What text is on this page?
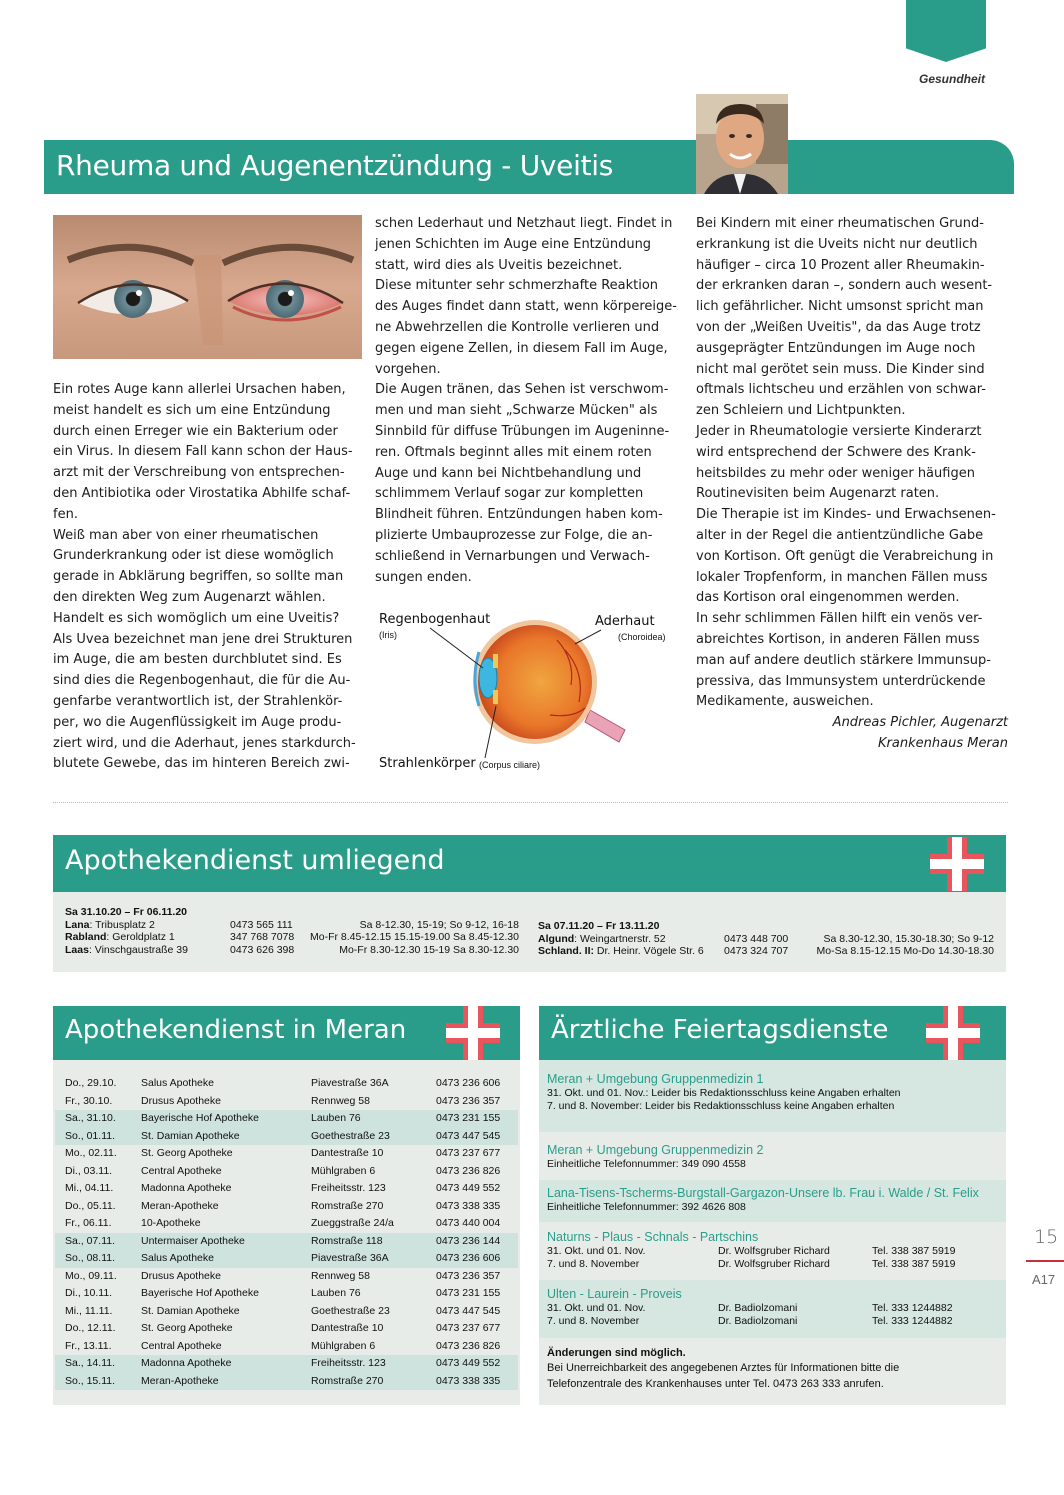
Gesundheit
Rheuma und Augenentzündung - Uveitis

Ein rotes Auge kann allerlei Ursachen haben,
meist handelt es sich um eine Entzündung
durch einen Erreger wie ein Bakterium oder
ein Virus. In diesem Fall kann schon der Haus-
arzt mit der Verschreibung von entsprechen-
den Antibiotika oder Virostatika Abhilfe schaf-
fen.
Weiß man aber von einer rheumatischen
Grunderkrankung oder ist diese womöglich
gerade in Abklärung begriffen, so sollte man
den direkten Weg zum Augenarzt wählen.
Handelt es sich womöglich um eine Uveitis?
Als Uvea bezeichnet man jene drei Strukturen
im Auge, die am besten durchblutet sind. Es
sind dies die Regenbogenhaut, die für die Au-
genfarbe verantwortlich ist, der Strahlenkör-
per, wo die Augenflüssigkeit im Auge produ-
ziert wird, und die Aderhaut, jenes starkdurch-
blutete Gewebe, das im hinteren Bereich zwi-

schen Lederhaut und Netzhaut liegt. Findet in
jenen Schichten im Auge eine Entzündung
statt, wird dies als Uveitis bezeichnet.
Diese mitunter sehr schmerzhafte Reaktion
des Auges findet dann statt, wenn körpereige-
ne Abwehrzellen die Kontrolle verlieren und
gegen eigene Zellen, in diesem Fall im Auge,
vorgehen.
Die Augen tränen, das Sehen ist verschwom-
men und man sieht „Schwarze Mücken" als
Sinnbild für diffuse Trübungen im Augeninne-
ren. Oftmals beginnt alles mit einem roten
Auge und kann bei Nichtbehandlung und
schlimmem Verlauf sogar zur kompletten
Blindheit führen. Entzündungen haben kom-
plizierte Umbauprozesse zur Folge, die an-
schließend in Vernarbungen und Verwach-
sungen enden.

Bei Kindern mit einer rheumatischen Grund-
erkrankung ist die Uveits nicht nur deutlich
häufiger – circa 10 Prozent aller Rheumakin-
der erkranken daran –, sondern auch wesent-
lich gefährlicher. Nicht umsonst spricht man
von der „Weißen Uveitis", da das Auge trotz
ausgeprägter Entzündungen im Auge noch
nicht mal gerötet sein muss. Die Kinder sind
oftmals lichtscheu und erzählen von schwar-
zen Schleiern und Lichtpunkten.
Jeder in Rheumatologie versierte Kinderarzt
wird entsprechend der Schwere des Krank-
heitsbildes zu mehr oder weniger häufigen
Routinevisiten beim Augenarzt raten.
Die Therapie ist im Kindes- und Erwachsenen-
alter in der Regel die antientzündliche Gabe
von Kortison. Oft genügt die Verabreichung in
lokaler Tropfenform, in manchen Fällen muss
das Kortison oral eingenommen werden.
In sehr schlimmen Fällen hilft ein venös ver-
abreichtes Kortison, in anderen Fällen muss
man auf andere deutlich stärkere Immunsup-
pressiva, das Immunsystem unterdrückende
Medikamente, ausweichen.

Andreas Pichler, Augenarzt
Krankenhaus Meran

Regenbogenhaut
(Iris)
Aderhaut
(Choroidea)
Strahlenkörper (Corpus ciliare)
Apothekendienst umliegend
Sa 31.10.20 – Fr 06.11.20
Lana: Tribusplatz 2	0473 565 111	Sa 8-12.30, 15-19; So 9-12, 16-18
Rabland: Geroldplatz 1	347 768 7078 Mo-Fr 8.45-12.15 15.15-19.00 Sa 8.45-12.30
Laas: Vinschgaustraße 39	0473 626 398	Mo-Fr 8.30-12.30 15-19 Sa 8.30-12.30
Sa 07.11.20 – Fr 13.11.20
Algund: Weingartnerstr. 52	0473 448 700	Sa 8.30-12.30, 15.30-18.30; So 9-12
Schland. II: Dr. Heinr. Vögele Str. 6 0473 324 707	Mo-Sa 8.15-12.15 Mo-Do 14.30-18.30
Apothekendienst in Meran
Do., 29.10. Salus Apotheke	Piavestraße 36A	0473 236 606
Fr., 30.10.	Drusus Apotheke	Rennweg 58	0473 236 357
Sa., 31.10. Bayerische Hof Apotheke	Lauben 76	0473 231 155
So., 01.11. St. Damian Apotheke	Goethestraße 23	0473 447 545
Mo., 02.11. St. Georg Apotheke	Dantestraße 10	0473 237 677
Di., 03.11.	Central Apotheke	Mühlgraben 6	0473 236 826
Mi., 04.11.	Madonna Apotheke	Freiheitsstr. 123	0473 449 552
Do., 05.11. Meran-Apotheke	Romstraße 270	0473 338 335
Fr., 06.11.	10-Apotheke	Zueggstraße 24/a	0473 440 004
Sa., 07.11. Untermaiser Apotheke	Romstraße 118	0473 236 144
So., 08.11. Salus Apotheke	Piavestraße 36A	0473 236 606
Mo., 09.11. Drusus Apotheke	Rennweg 58	0473 236 357
Di., 10.11.	Bayerische Hof Apotheke	Lauben 76	0473 231 155
Mi., 11.11.	St. Damian Apotheke	Goethestraße 23	0473 447 545
Do., 12.11. St. Georg Apotheke	Dantestraße 10	0473 237 677
Fr., 13.11.	Central Apotheke	Mühlgraben 6	0473 236 826
Sa., 14.11. Madonna Apotheke	Freiheitsstr. 123	0473 449 552
So., 15.11. Meran-Apotheke	Romstraße 270	0473 338 335
Ärztliche Feiertagsdienste
Meran + Umgebung Gruppenmedizin 1
31. Okt. und 01. Nov.: Leider bis Redaktionsschluss keine Angaben erhalten
7. und 8. November: Leider bis Redaktionsschluss keine Angaben erhalten
Meran + Umgebung Gruppenmedizin 2
Einheitliche Telefonnummer: 349 090 4558
Lana-Tisens-Tscherms-Burgstall-Gargazon-Unsere lb. Frau i. Walde / St. Felix
Einheitliche Telefonnummer: 392 4626 808
Naturns - Plaus - Schnals - Partschins
31. Okt. und 01. Nov.	Dr. Wolfsgruber Richard	Tel. 338 387 5919
7. und 8. November	Dr. Wolfsgruber Richard	Tel. 338 387 5919
Ulten - Laurein - Proveis
31. Okt. und 01. Nov.	Dr. Badiolzomani	Tel. 333 1244882
7. und 8. November	Dr. Badiolzomani	Tel. 333 1244882
Änderungen sind möglich.
Bei Unerreichbarkeit des angegebenen Arztes für Informationen bitte die
Telefonzentrale des Krankenhauses unter Tel. 0473 263 333 anrufen.
15
A17
